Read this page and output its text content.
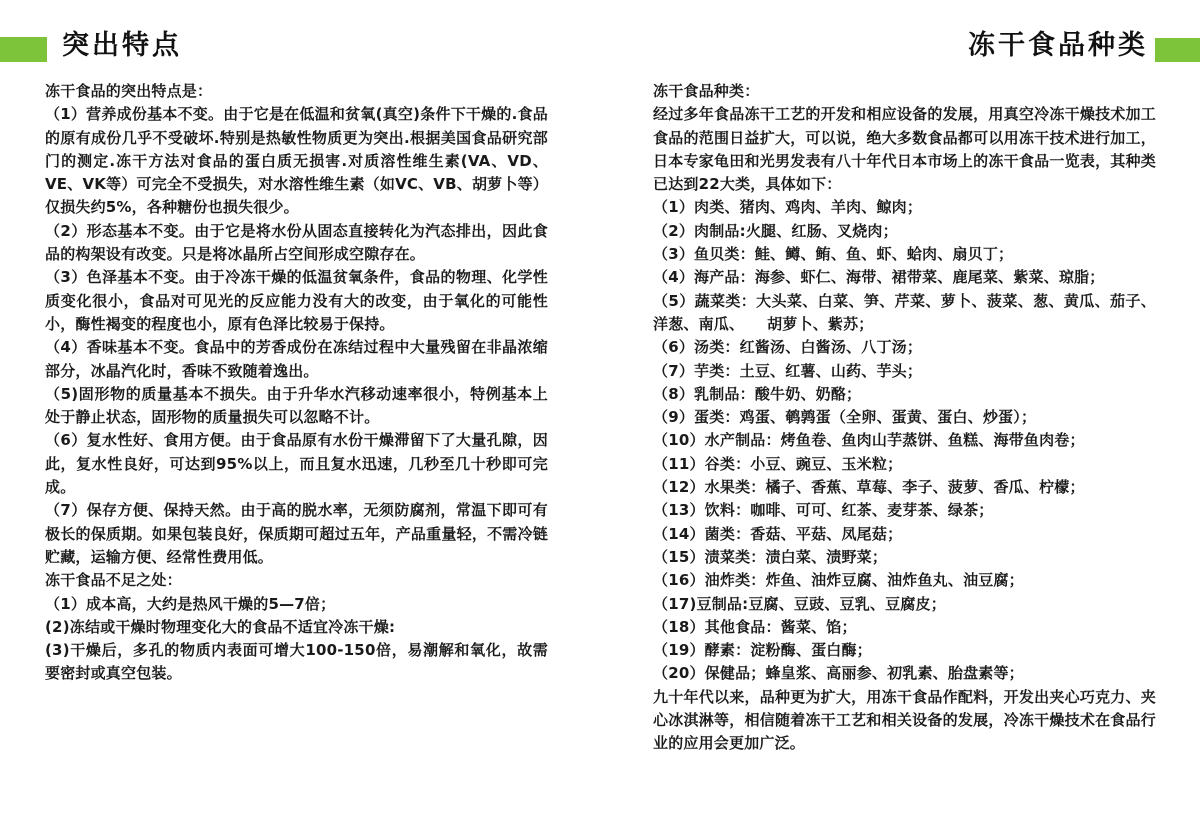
突出特点	冻干食品种类

冻干食品的突出特点是：

（1）营养成份基本不变。由于它是在低温和贫氧(真空)条件下干燥的.食品的原有成份几乎不受破坏.特别是热敏性物质更为突出.根据美国食品研究部门的测定.冻干方法对食品的蛋白质无损害.对质溶性维生素(VA、VD、VE、VK等）可完全不受损失，对水溶性维生素（如VC、VB、胡萝卜等）仅损失约5%，各种糖份也损失很少。

（2）形态基本不变。由于它是将水份从固态直接转化为汽态排出，因此食品的构架设有改变。只是将冰晶所占空间形成空隙存在。

（3）色泽基本不变。由于冷冻干燥的低温贫氧条件，食品的物理、化学性质变化很小，食品对可见光的反应能力没有大的改变，由于氧化的可能性小，酶性褐变的程度也小，原有色泽比较易于保持。

（4）香味基本不变。食品中的芳香成份在冻结过程中大量残留在非晶浓缩部分，冰晶汽化时，香味不致随着逸出。

（5)固形物的质量基本不损失。由于升华水汽移动速率很小，特例基本上处于静止状态，固形物的质量损失可以忽略不计。

（6）复水性好、食用方便。由于食品原有水份干燥滞留下了大量孔隙，因此，复水性良好，可达到95%以上，而且复水迅速，几秒至几十秒即可完成。

（7）保存方便、保持天然。由于高的脱水率，无须防腐剂，常温下即可有极长的保质期。如果包装良好，保质期可超过五年，产品重量轻，不需冷链贮藏，运输方便、经常性费用低。

冻干食品不足之处：

（1）成本高，大约是热风干燥的5—7倍；

(2)冻结或干燥时物理变化大的食品不适宜冷冻干燥:

(3)干燥后，多孔的物质内表面可增大100-150倍，易潮解和氧化，故需要密封或真空包装。

冻干食品种类：

经过多年食品冻干工艺的开发和相应设备的发展，用真空冷冻干燥技术加工食品的范围日益扩大，可以说，绝大多数食品都可以用冻干技术进行加工，日本专家龟田和光男发表有八十年代日本市场上的冻干食品一览表，其种类已达到22大类，具体如下：

（1）肉类、猪肉、鸡肉、羊肉、鲸肉；

（2）肉制品:火腿、红肠、叉烧肉；

（3）鱼贝类：鲑、鳟、鲔、鱼、虾、蛤肉、扇贝丁；

（4）海产品：海参、虾仁、海带、裙带菜、鹿尾菜、紫菜、琼脂；

（5）蔬菜类：大头菜、白菜、笋、芹菜、萝卜、菠菜、葱、黄瓜、茄子、洋葱、南瓜、　　胡萝卜、紫苏；

（6）汤类：红酱汤、白酱汤、八丁汤；

（7）芋类：土豆、红薯、山药、芋头；

（8）乳制品：酸牛奶、奶酪；

（9）蛋类：鸡蛋、鹌鹑蛋（全卵、蛋黄、蛋白、炒蛋）；

（10）水产制品：烤鱼卷、鱼肉山芋蒸饼、鱼糕、海带鱼肉卷；

（11）谷类：小豆、豌豆、玉米粒；

（12）水果类：橘子、香蕉、草莓、李子、菠萝、香瓜、柠檬；

（13）饮料：咖啡、可可、红茶、麦芽茶、绿茶；

（14）菌类：香菇、平菇、凤尾菇；

（15）渍菜类：渍白菜、渍野菜；

（16）油炸类：炸鱼、油炸豆腐、油炸鱼丸、油豆腐；

（17)豆制品:豆腐、豆豉、豆乳、豆腐皮；

（18）其他食品：酱菜、馅；

（19）酵素：淀粉酶、蛋白酶；

（20）保健品；蜂皇浆、高丽参、初乳素、胎盘素等；

九十年代以来，品种更为扩大，用冻干食品作配料，开发出夹心巧克力、夹心冰淇淋等，相信随着冻干工艺和相关设备的发展，冷冻干燥技术在食品行业的应用会更加广泛。
